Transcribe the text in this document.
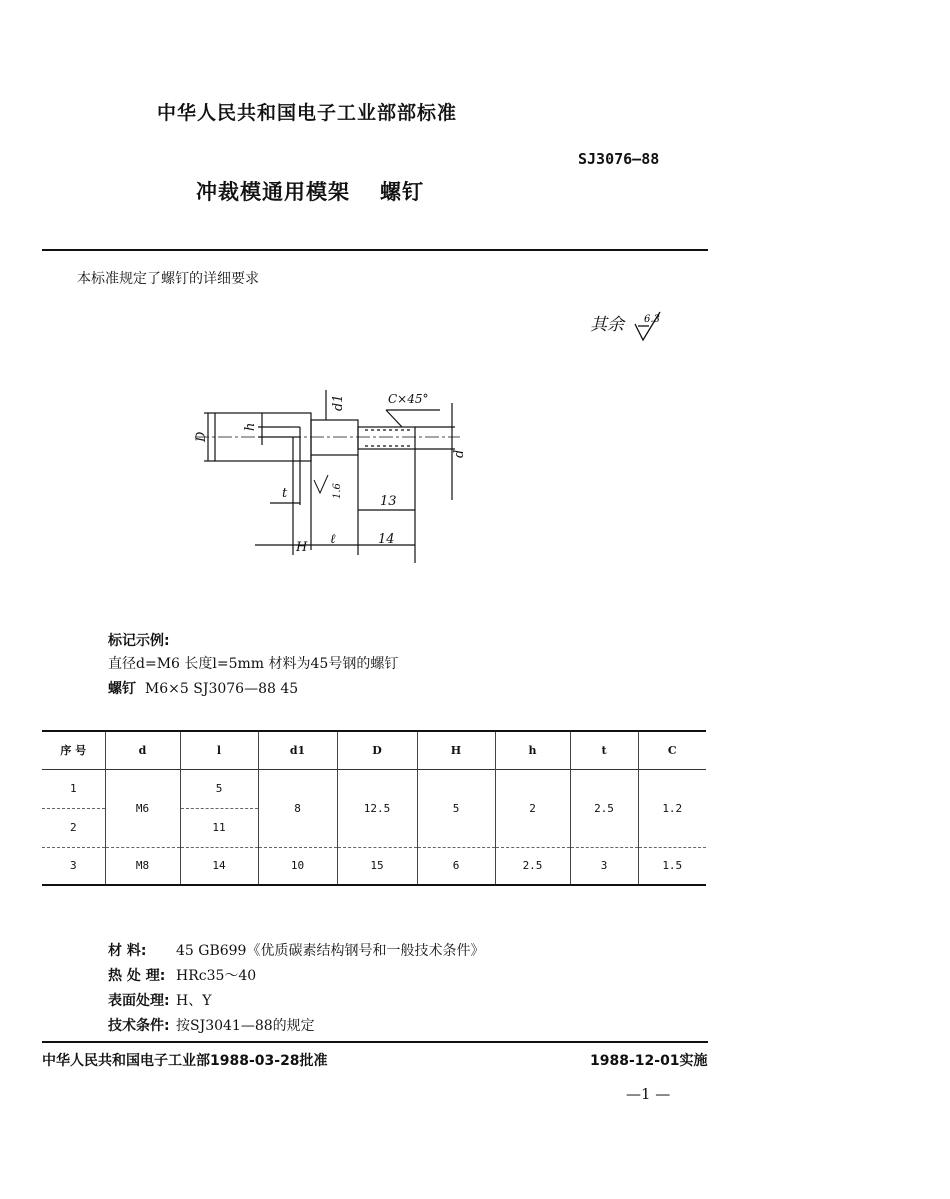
中华人民共和国电子工业部部标准
SJ3076—88
冲裁模通用模架 螺钉
本标准规定了螺钉的详细要求
其余 6.3
D
h
d1	C×45°
d
t	1.6
13
H
ℓ	14
标记示例:
直径d=M6 长度l=5mm 材料为45号钢的螺钉
螺钉 M6×5 SJ3076—88 45
序 号	d	l	d1	D	H	h	t	C
1	M6	5	8	12.5	5	2	2.5	1.2
2		11						
3	M8	14	10	15	6	2.5	3	1.5
材 料: 45 GB699《优质碳素结构钢号和一般技术条件》
热 处 理: HRc35～40
表面处理: H、Y
技术条件: 按SJ3041—88的规定
中华人民共和国电子工业部1988-03-28批准	1988-12-01实施
—1 —
